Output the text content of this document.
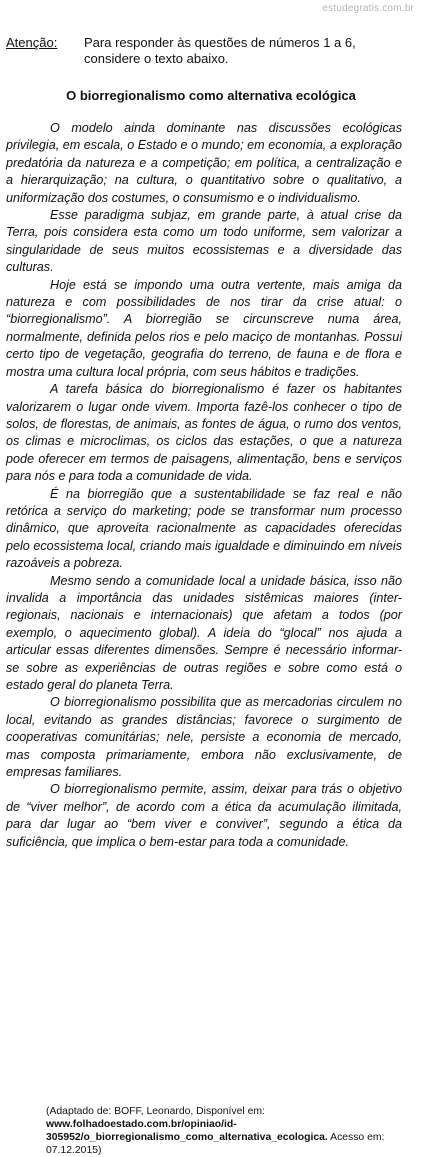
estudegratis.com.br
Atenção:	Para responder às questões de números 1 a 6, considere o texto abaixo.
O biorregionalismo como alternativa ecológica

O modelo ainda dominante nas discussões ecológicas privilegia, em escala, o Estado e o mundo; em economia, a exploração predatória da natureza e a competição; em política, a centralização e a hierarquização; na cultura, o quantitativo sobre o qualitativo, a uniformização dos costumes, o consumismo e o individualismo.

Esse paradigma subjaz, em grande parte, à atual crise da Terra, pois considera esta como um todo uniforme, sem valorizar a singularidade de seus muitos ecossistemas e a diversidade das culturas.

Hoje está se impondo uma outra vertente, mais amiga da natureza e com possibilidades de nos tirar da crise atual: o “biorregionalismo”. A biorregião se circunscreve numa área, normalmente, definida pelos rios e pelo maciço de montanhas. Possui certo tipo de vegetação, geografia do terreno, de fauna e de flora e mostra uma cultura local própria, com seus hábitos e tradições.

A tarefa básica do biorregionalismo é fazer os habitantes valorizarem o lugar onde vivem. Importa fazê-los conhecer o tipo de solos, de florestas, de animais, as fontes de água, o rumo dos ventos, os climas e microclimas, os ciclos das estações, o que a natureza pode oferecer em termos de paisagens, alimentação, bens e serviços para nós e para toda a comunidade de vida.

É na biorregião que a sustentabilidade se faz real e não retórica a serviço do marketing; pode se transformar num processo dinâmico, que aproveita racionalmente as capacidades oferecidas pelo ecossistema local, criando mais igualdade e diminuindo em níveis razoáveis a pobreza.

Mesmo sendo a comunidade local a unidade básica, isso não invalida a importância das unidades sistêmicas maiores (inter-regionais, nacionais e internacionais) que afetam a todos (por exemplo, o aquecimento global). A ideia do “glocal” nos ajuda a articular essas diferentes dimensões. Sempre é necessário informar-se sobre as experiências de outras regiões e sobre como está o estado geral do planeta Terra.

O biorregionalismo possibilita que as mercadorias circulem no local, evitando as grandes distâncias; favorece o surgimento de cooperativas comunitárias; nele, persiste a economia de mercado, mas composta primariamente, embora não exclusivamente, de empresas familiares.

O biorregionalismo permite, assim, deixar para trás o objetivo de “viver melhor”, de acordo com a ética da acumulação ilimitada, para dar lugar ao “bem viver e conviver”, segundo a ética da suficiência, que implica o bem-estar para toda a comunidade.

(Adaptado de: BOFF, Leonardo, Disponível em: www.folhadoestado.com.br/opiniao/id-305952/o_biorregionalismo_como_alternativa_ecologica. Acesso em: 07.12.2015)
